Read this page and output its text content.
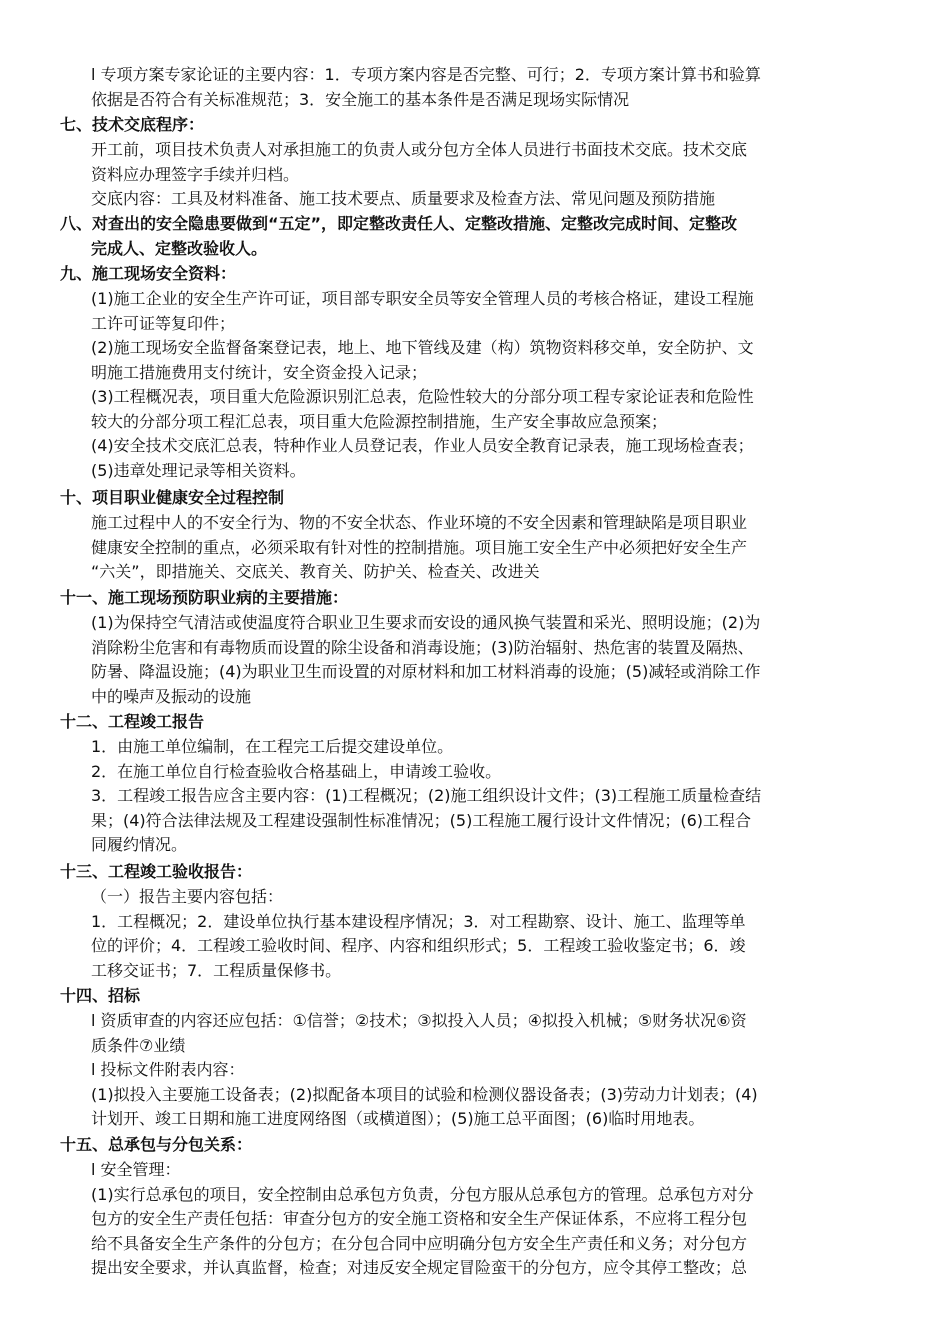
l 专项方案专家论证的主要内容：1．专项方案内容是否完整、可行；2．专项方案计算书和验算
依据是否符合有关标准规范；3．安全施工的基本条件是否满足现场实际情况
七、技术交底程序：
开工前，项目技术负责人对承担施工的负责人或分包方全体人员进行书面技术交底。技术交底
资料应办理签字手续并归档。
交底内容：工具及材料准备、施工技术要点、质量要求及检查方法、常见问题及预防措施
八、对查出的安全隐患要做到“五定”，即定整改责任人、定整改措施、定整改完成时间、定整改
完成人、定整改验收人。
九、施工现场安全资料：
(1)施工企业的安全生产许可证，项目部专职安全员等安全管理人员的考核合格证，建设工程施
工许可证等复印件；
(2)施工现场安全监督备案登记表，地上、地下管线及建（构）筑物资料移交单，安全防护、文
明施工措施费用支付统计，安全资金投入记录；
(3)工程概况表，项目重大危险源识别汇总表，危险性较大的分部分项工程专家论证表和危险性
较大的分部分项工程汇总表，项目重大危险源控制措施，生产安全事故应急预案；
(4)安全技术交底汇总表，特种作业人员登记表，作业人员安全教育记录表，施工现场检查表；
(5)违章处理记录等相关资料。
十、项目职业健康安全过程控制
施工过程中人的不安全行为、物的不安全状态、作业环境的不安全因素和管理缺陷是项目职业
健康安全控制的重点，必须采取有针对性的控制措施。项目施工安全生产中必须把好安全生产
“六关”，即措施关、交底关、教育关、防护关、检查关、改进关
十一、施工现场预防职业病的主要措施：
(1)为保持空气清洁或使温度符合职业卫生要求而安设的通风换气装置和采光、照明设施；(2)为
消除粉尘危害和有毒物质而设置的除尘设备和消毒设施；(3)防治辐射、热危害的装置及隔热、
防暑、降温设施；(4)为职业卫生而设置的对原材料和加工材料消毒的设施；(5)减轻或消除工作
中的噪声及振动的设施
十二、工程竣工报告
1．由施工单位编制，在工程完工后提交建设单位。
2．在施工单位自行检查验收合格基础上，申请竣工验收。
3．工程竣工报告应含主要内容：(1)工程概况；(2)施工组织设计文件；(3)工程施工质量检查结
果；(4)符合法律法规及工程建设强制性标准情况；(5)工程施工履行设计文件情况；(6)工程合
同履约情况。
十三、工程竣工验收报告：
（一）报告主要内容包括：
1．工程概况；2．建设单位执行基本建设程序情况；3．对工程勘察、设计、施工、监理等单
位的评价；4．工程竣工验收时间、程序、内容和组织形式；5．工程竣工验收鉴定书；6．竣
工移交证书；7．工程质量保修书。
十四、招标
l 资质审查的内容还应包括：①信誉；②技术；③拟投入人员；④拟投入机械；⑤财务状况⑥资
质条件⑦业绩
l 投标文件附表内容：
(1)拟投入主要施工设备表；(2)拟配备本项目的试验和检测仪器设备表；(3)劳动力计划表；(4)
计划开、竣工日期和施工进度网络图（或横道图）；(5)施工总平面图；(6)临时用地表。
十五、总承包与分包关系：
l 安全管理：
(1)实行总承包的项目，安全控制由总承包方负责，分包方服从总承包方的管理。总承包方对分
包方的安全生产责任包括：审查分包方的安全施工资格和安全生产保证体系，不应将工程分包
给不具备安全生产条件的分包方；在分包合同中应明确分包方安全生产责任和义务；对分包方
提出安全要求，并认真监督，检查；对违反安全规定冒险蛮干的分包方，应令其停工整改；总
